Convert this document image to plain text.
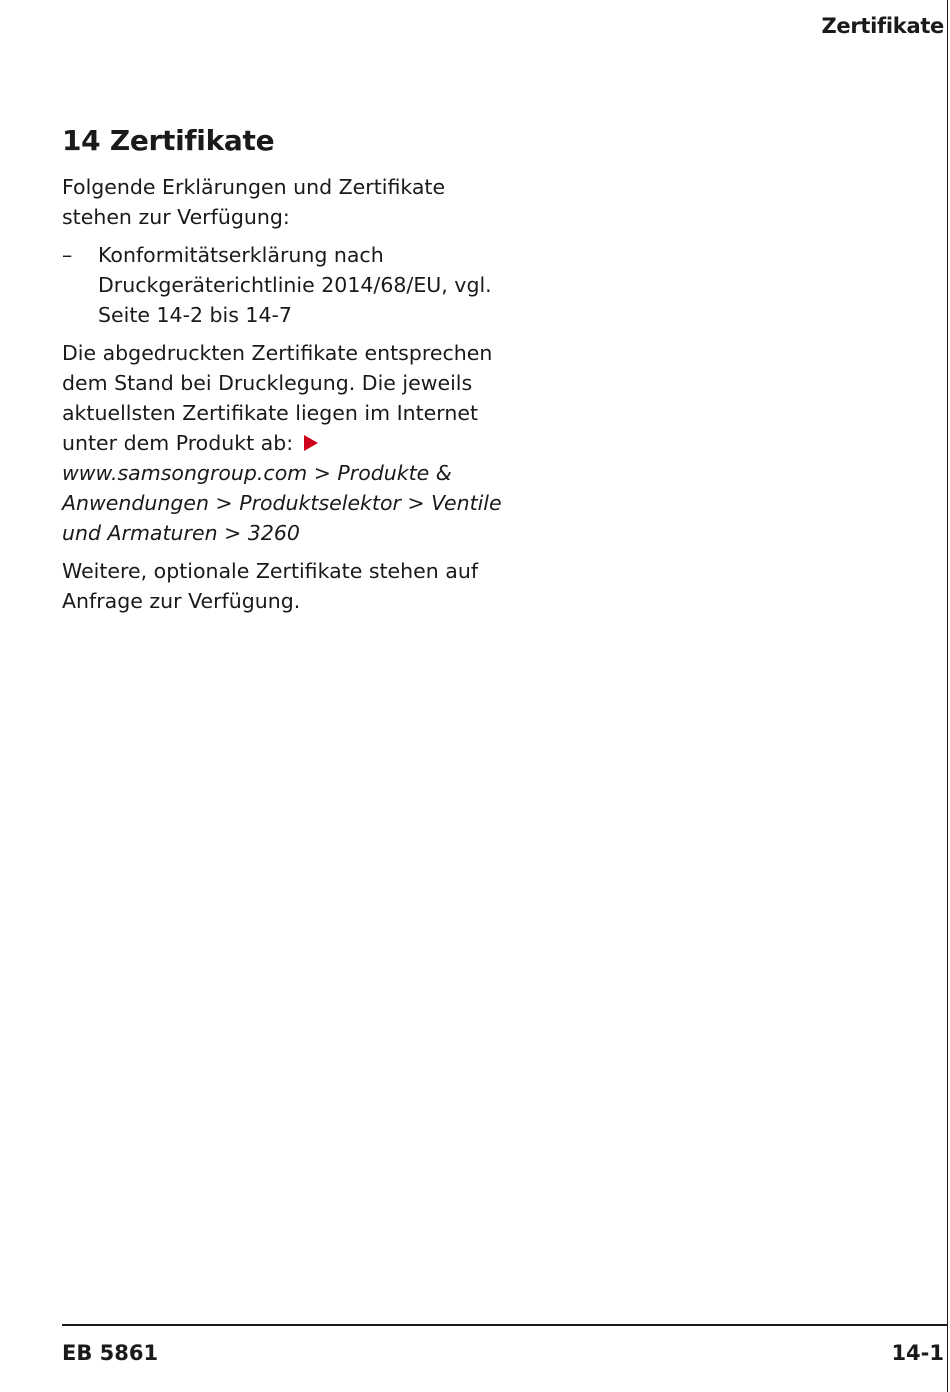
Zertifikate
14 Zertifikate

Folgende Erklärungen und Zertifikate stehen zur Verfügung:

– Konformitätserklärung nach Druckgeräterichtlinie 2014/68/EU, vgl. Seite 14-2 bis 14-7

Die abgedruckten Zertifikate entsprechen dem Stand bei Drucklegung. Die jeweils aktuellsten Zertifikate liegen im Internet unter dem Produkt ab: www.samsongroup.com > Produkte & Anwendungen > Produktselektor > Ventile und Armaturen > 3260

Weitere, optionale Zertifikate stehen auf Anfrage zur Verfügung.

EB 5861	14-1
